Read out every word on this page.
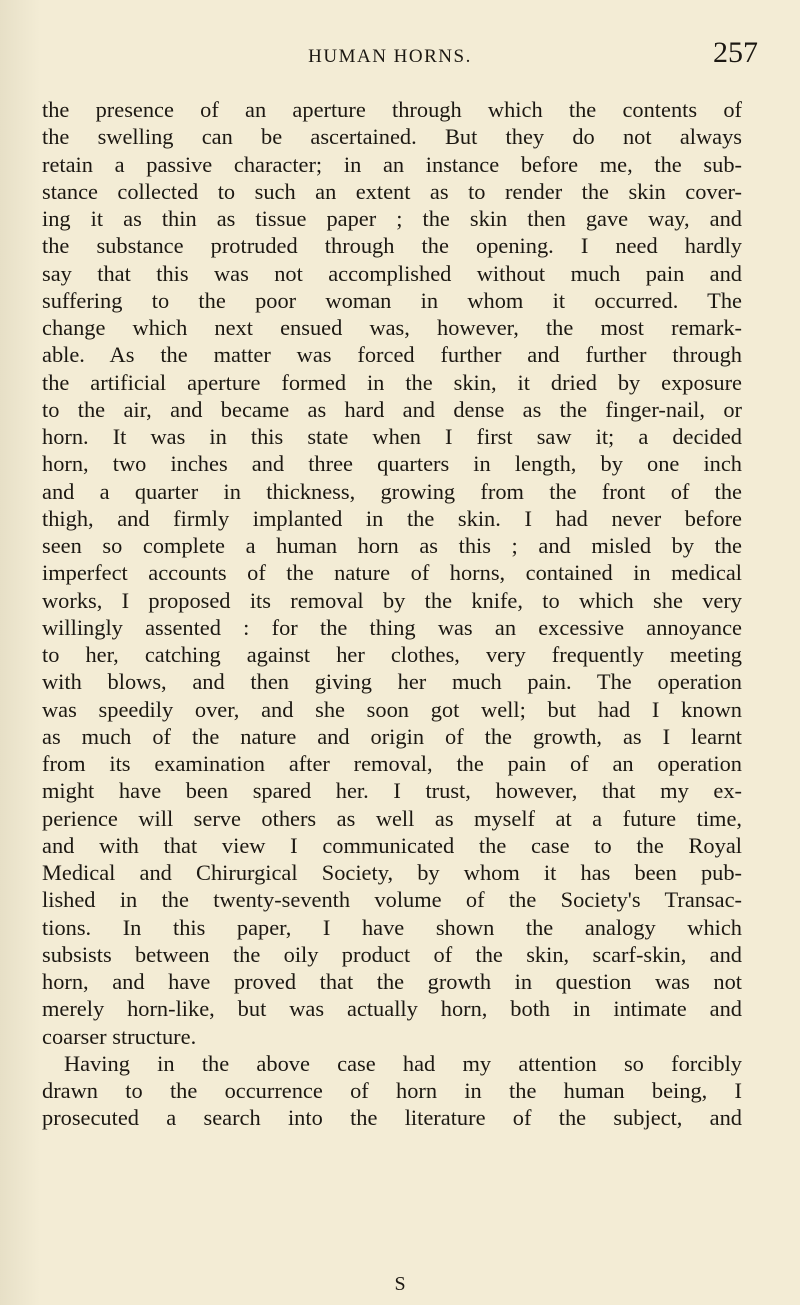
HUMAN HORNS.	257
the presence of an aperture through which the contents of
the swelling can be ascertained. But they do not always
retain a passive character; in an instance before me, the sub-
stance collected to such an extent as to render the skin cover-
ing it as thin as tissue paper ; the skin then gave way, and
the substance protruded through the opening. I need hardly
say that this was not accomplished without much pain and
suffering to the poor woman in whom it occurred. The
change which next ensued was, however, the most remark-
able. As the matter was forced further and further through
the artificial aperture formed in the skin, it dried by exposure
to the air, and became as hard and dense as the finger-nail, or
horn. It was in this state when I first saw it; a decided
horn, two inches and three quarters in length, by one inch
and a quarter in thickness, growing from the front of the
thigh, and firmly implanted in the skin. I had never before
seen so complete a human horn as this ; and misled by the
imperfect accounts of the nature of horns, contained in medical
works, I proposed its removal by the knife, to which she very
willingly assented : for the thing was an excessive annoyance
to her, catching against her clothes, very frequently meeting
with blows, and then giving her much pain. The operation
was speedily over, and she soon got well; but had I known
as much of the nature and origin of the growth, as I learnt
from its examination after removal, the pain of an operation
might have been spared her. I trust, however, that my ex-
perience will serve others as well as myself at a future time,
and with that view I communicated the case to the Royal
Medical and Chirurgical Society, by whom it has been pub-
lished in the twenty-seventh volume of the Society's Transac-
tions. In this paper, I have shown the analogy which
subsists between the oily product of the skin, scarf-skin, and
horn, and have proved that the growth in question was not
merely horn-like, but was actually horn, both in intimate and
coarser structure.
Having in the above case had my attention so forcibly
drawn to the occurrence of horn in the human being, I
prosecuted a search into the literature of the subject, and
S
